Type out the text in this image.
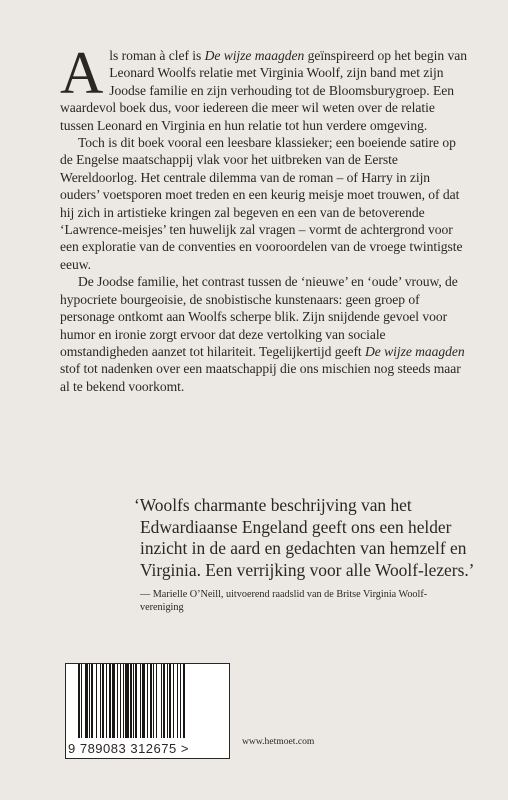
Als roman à clef is De wijze maagden geïnspireerd op het begin van Leonard Woolfs relatie met Virginia Woolf, zijn band met zijn Joodse familie en zijn verhouding tot de Bloomsburygroep. Een waardevol boek dus, voor iedereen die meer wil weten over de relatie tussen Leonard en Virginia en hun relatie tot hun verdere omgeving.

Toch is dit boek vooral een leesbare klassieker; een boeiende satire op de Engelse maatschappij vlak voor het uitbreken van de Eerste Wereldoorlog. Het centrale dilemma van de roman – of Harry in zijn ouders’ voetsporen moet treden en een keurig meisje moet trouwen, of dat hij zich in artistieke kringen zal begeven en een van de betoverende ‘Lawrence-meisjes’ ten huwelijk zal vragen – vormt de achtergrond voor een exploratie van de conventies en vooroordelen van de vroege twintigste eeuw.

De Joodse familie, het contrast tussen de ‘nieuwe’ en ‘oude’ vrouw, de hypocriete bourgeoisie, de snobistische kunstenaars: geen groep of personage ontkomt aan Woolfs scherpe blik. Zijn snijdende gevoel voor humor en ironie zorgt ervoor dat deze vertolking van sociale omstandigheden aanzet tot hilariteit. Tegelijkertijd geeft De wijze maagden stof tot nadenken over een maatschappij die ons mischien nog steeds maar al te bekend voorkomt.

‘Woolfs charmante beschrijving van het Edwardiaanse Engeland geeft ons een helder inzicht in de aard en gedachten van hemzelf en Virginia. Een verrijking voor alle Woolf-lezers.’

— Marielle O’Neill, uitvoerend raadslid van de Britse Virginia Woolf-vereniging
9 789083 312675 >	www.hetmoet.com
